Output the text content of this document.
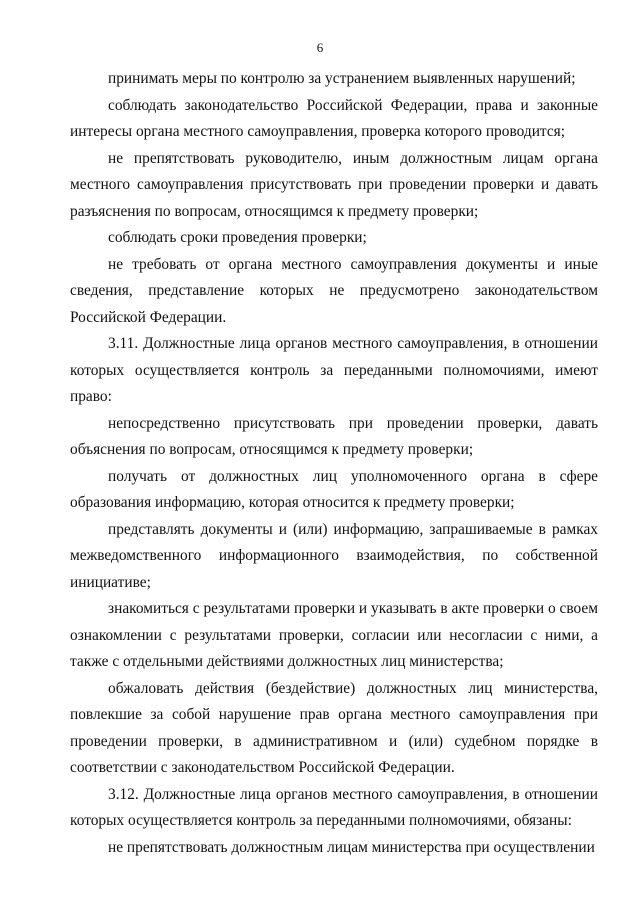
6

принимать меры по контролю за устранением выявленных нарушений;

соблюдать законодательство Российской Федерации, права и законные интересы органа местного самоуправления, проверка которого проводится;

не препятствовать руководителю, иным должностным лицам органа местного самоуправления присутствовать при проведении проверки и давать разъяснения по вопросам, относящимся к предмету проверки;

соблюдать сроки проведения проверки;

не требовать от органа местного самоуправления документы и иные сведения, представление которых не предусмотрено законодательством Российской Федерации.

3.11. Должностные лица органов местного самоуправления, в отношении которых осуществляется контроль за переданными полномочиями, имеют право:

непосредственно присутствовать при проведении проверки, давать объяснения по вопросам, относящимся к предмету проверки;

получать от должностных лиц уполномоченного органа в сфере образования информацию, которая относится к предмету проверки;

представлять документы и (или) информацию, запрашиваемые в рамках межведомственного информационного взаимодействия, по собственной инициативе;

знакомиться с результатами проверки и указывать в акте проверки о своем ознакомлении с результатами проверки, согласии или несогласии с ними, а также с отдельными действиями должностных лиц министерства;

обжаловать действия (бездействие) должностных лиц министерства, повлекшие за собой нарушение прав органа местного самоуправления при проведении проверки, в административном и (или) судебном порядке в соответствии с законодательством Российской Федерации.

3.12. Должностные лица органов местного самоуправления, в отношении которых осуществляется контроль за переданными полномочиями, обязаны:

не препятствовать должностным лицам министерства при осуществлении
